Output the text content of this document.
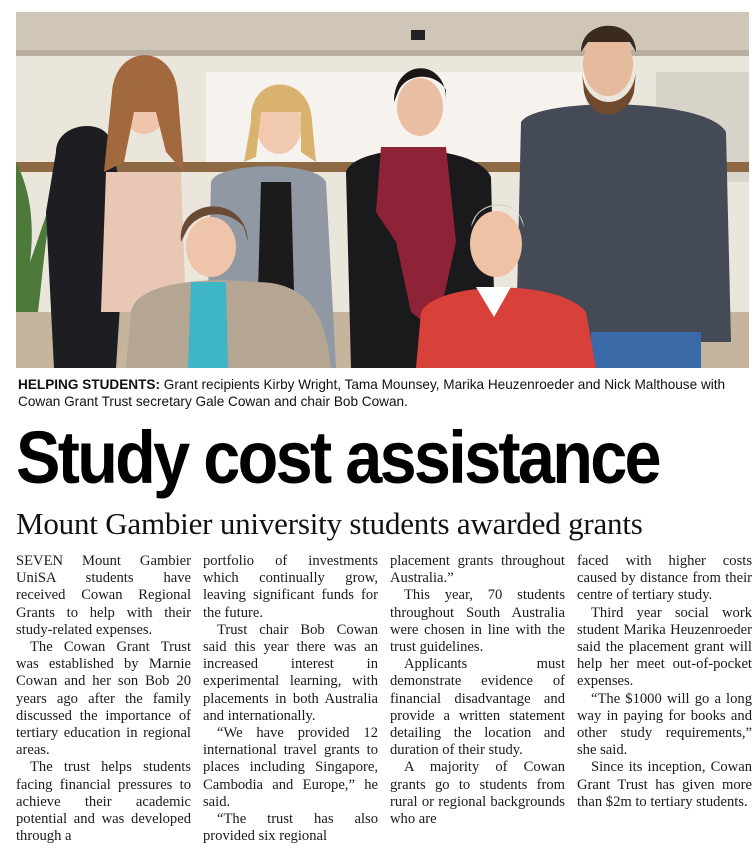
HELPING STUDENTS: Grant recipients Kirby Wright, Tama Mounsey, Marika Heuzenroeder and Nick Malthouse with Cowan Grant Trust secretary Gale Cowan and chair Bob Cowan.
Study cost assistance
Mount Gambier university students awarded grants

SEVEN Mount Gambier UniSA students have received Cowan Regional Grants to help with their study-related expenses.

The Cowan Grant Trust was established by Marnie Cowan and her son Bob 20 years ago after the family discussed the importance of tertiary education in regional areas.

The trust helps students facing financial pressures to achieve their academic potential and was developed through a

portfolio of investments which continually grow, leaving significant funds for the future.

Trust chair Bob Cowan said this year there was an increased interest in experimental learning, with placements in both Australia and internationally.

“We have provided 12 international travel grants to places including Singapore, Cambodia and Europe,” he said.

“The trust has also provided six regional

placement grants throughout Australia.”

This year, 70 students throughout South Australia were chosen in line with the trust guidelines.

Applicants must demonstrate evidence of financial disadvantage and provide a written statement detailing the location and duration of their study.

A majority of Cowan grants go to students from rural or regional backgrounds who are

faced with higher costs caused by distance from their centre of tertiary study.

Third year social work student Marika Heuzenroeder said the placement grant will help her meet out-of-pocket expenses.

“The $1000 will go a long way in paying for books and other study requirements,” she said.

Since its inception, Cowan Grant Trust has given more than $2m to tertiary students.
